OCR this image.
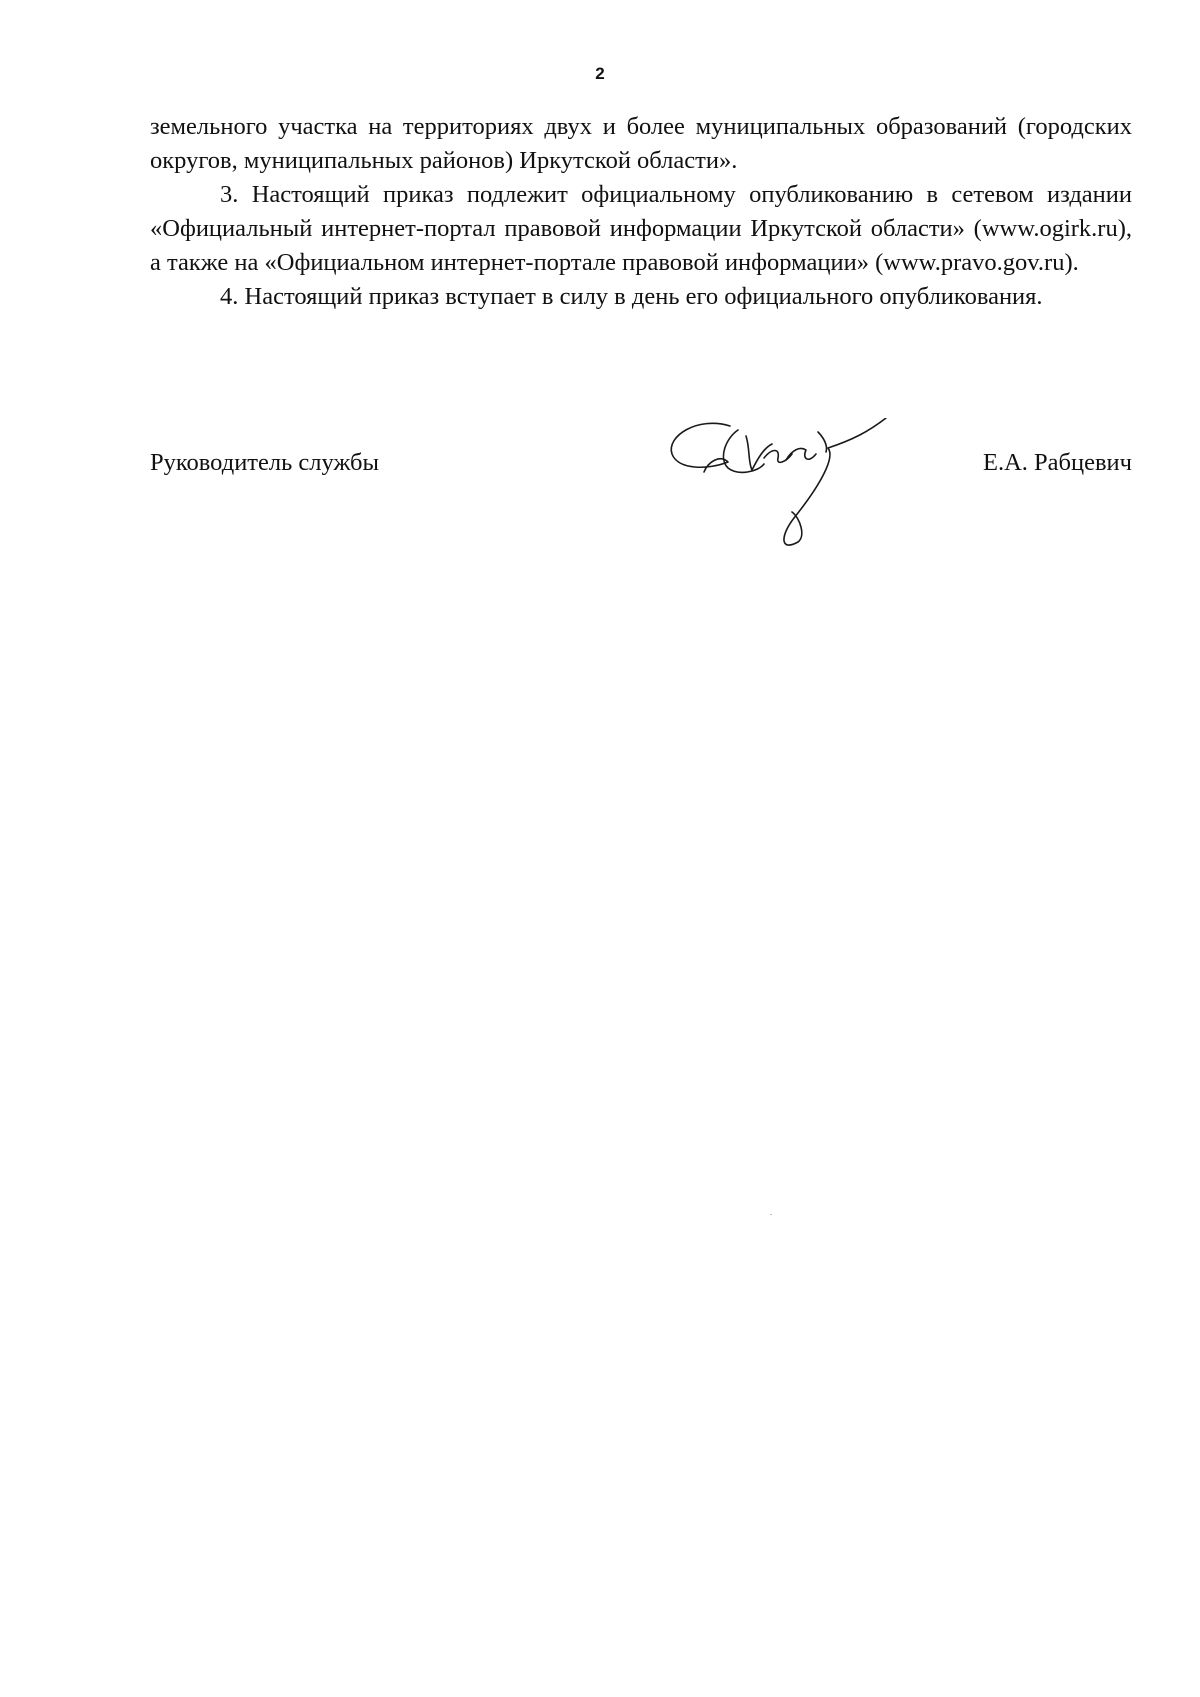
2

земельного участка на территориях двух и более муниципальных образований (городских округов, муниципальных районов) Иркутской области».

3. Настоящий приказ подлежит официальному опубликованию в сетевом издании «Официальный интернет-портал правовой информации Иркутской области» (www.ogirk.ru), а также на «Официальном интернет-портале правовой информации» (www.pravo.gov.ru).

4. Настоящий приказ вступает в силу в день его официального опубликования.

Руководитель службы	Е.А. Рабцевич
